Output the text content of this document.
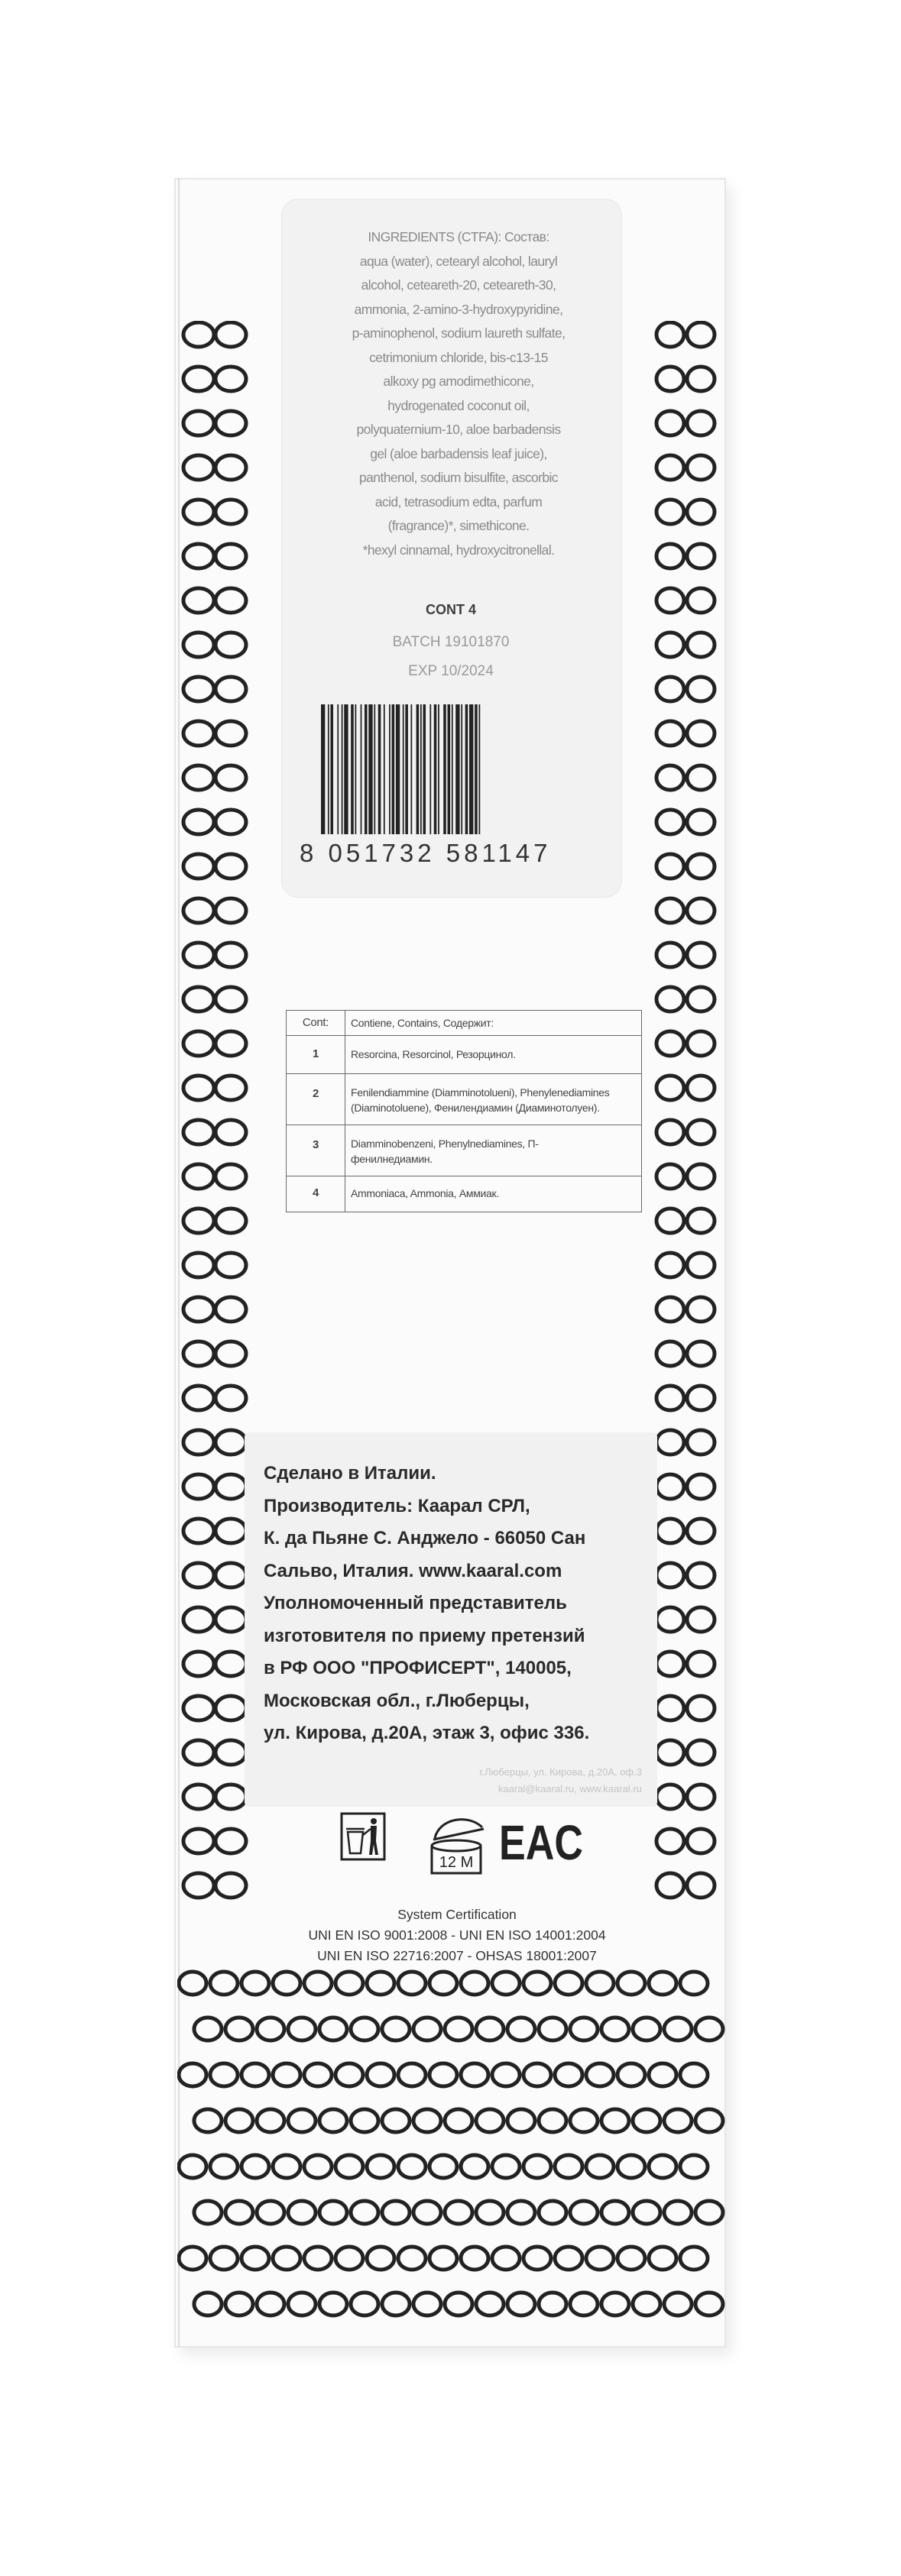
INGREDIENTS (CTFA): Состав:
aqua (water), cetearyl alcohol, lauryl
alcohol, ceteareth-20, ceteareth-30,
ammonia, 2-amino-3-hydroxypyridine,
p-aminophenol, sodium laureth sulfate,
cetrimonium chloride, bis-c13-15
alkoxy pg amodimethicone,
hydrogenated coconut oil,
polyquaternium-10, aloe barbadensis
gel (aloe barbadensis leaf juice),
panthenol, sodium bisulfite, ascorbic
acid, tetrasodium edta, parfum
(fragrance)*, simethicone.
*hexyl cinnamal, hydroxycitronellal.
CONT 4
BATCH 19101870
EXP 10/2024
8 051732 581147
Cont:	Contiene, Contains, Содержит:
1	Resorcina, Resorcinol, Резорцинол.
2	Fenilendiammine (Diamminotolueni), Phenylenediamines (Diaminotoluene), Фенилендиамин (Диаминотолуен).
3	Diamminobenzeni, Phenylnediamines, П-фенилнедиамин.
4	Ammoniaca, Ammonia, Аммиак.
г.Люберцы, ул. Кирова, д.20А, оф.3
kaaral@kaaral.ru, www.kaaral.ru
Сделано в Италии.
Производитель: Каарал СРЛ,
К. да Пьяне С. Анджело - 66050 Сан
Сальво, Италия. www.kaaral.com
Уполномоченный представитель
изготовителя по приему претензий
в РФ ООО "ПРОФИСЕРТ", 140005,
Московская обл., г.Люберцы,
ул. Кирова, д.20А, этаж 3, офис 336.
12 M EAC
System Certification
UNI EN ISO 9001:2008 - UNI EN ISO 14001:2004
UNI EN ISO 22716:2007 - OHSAS 18001:2007
